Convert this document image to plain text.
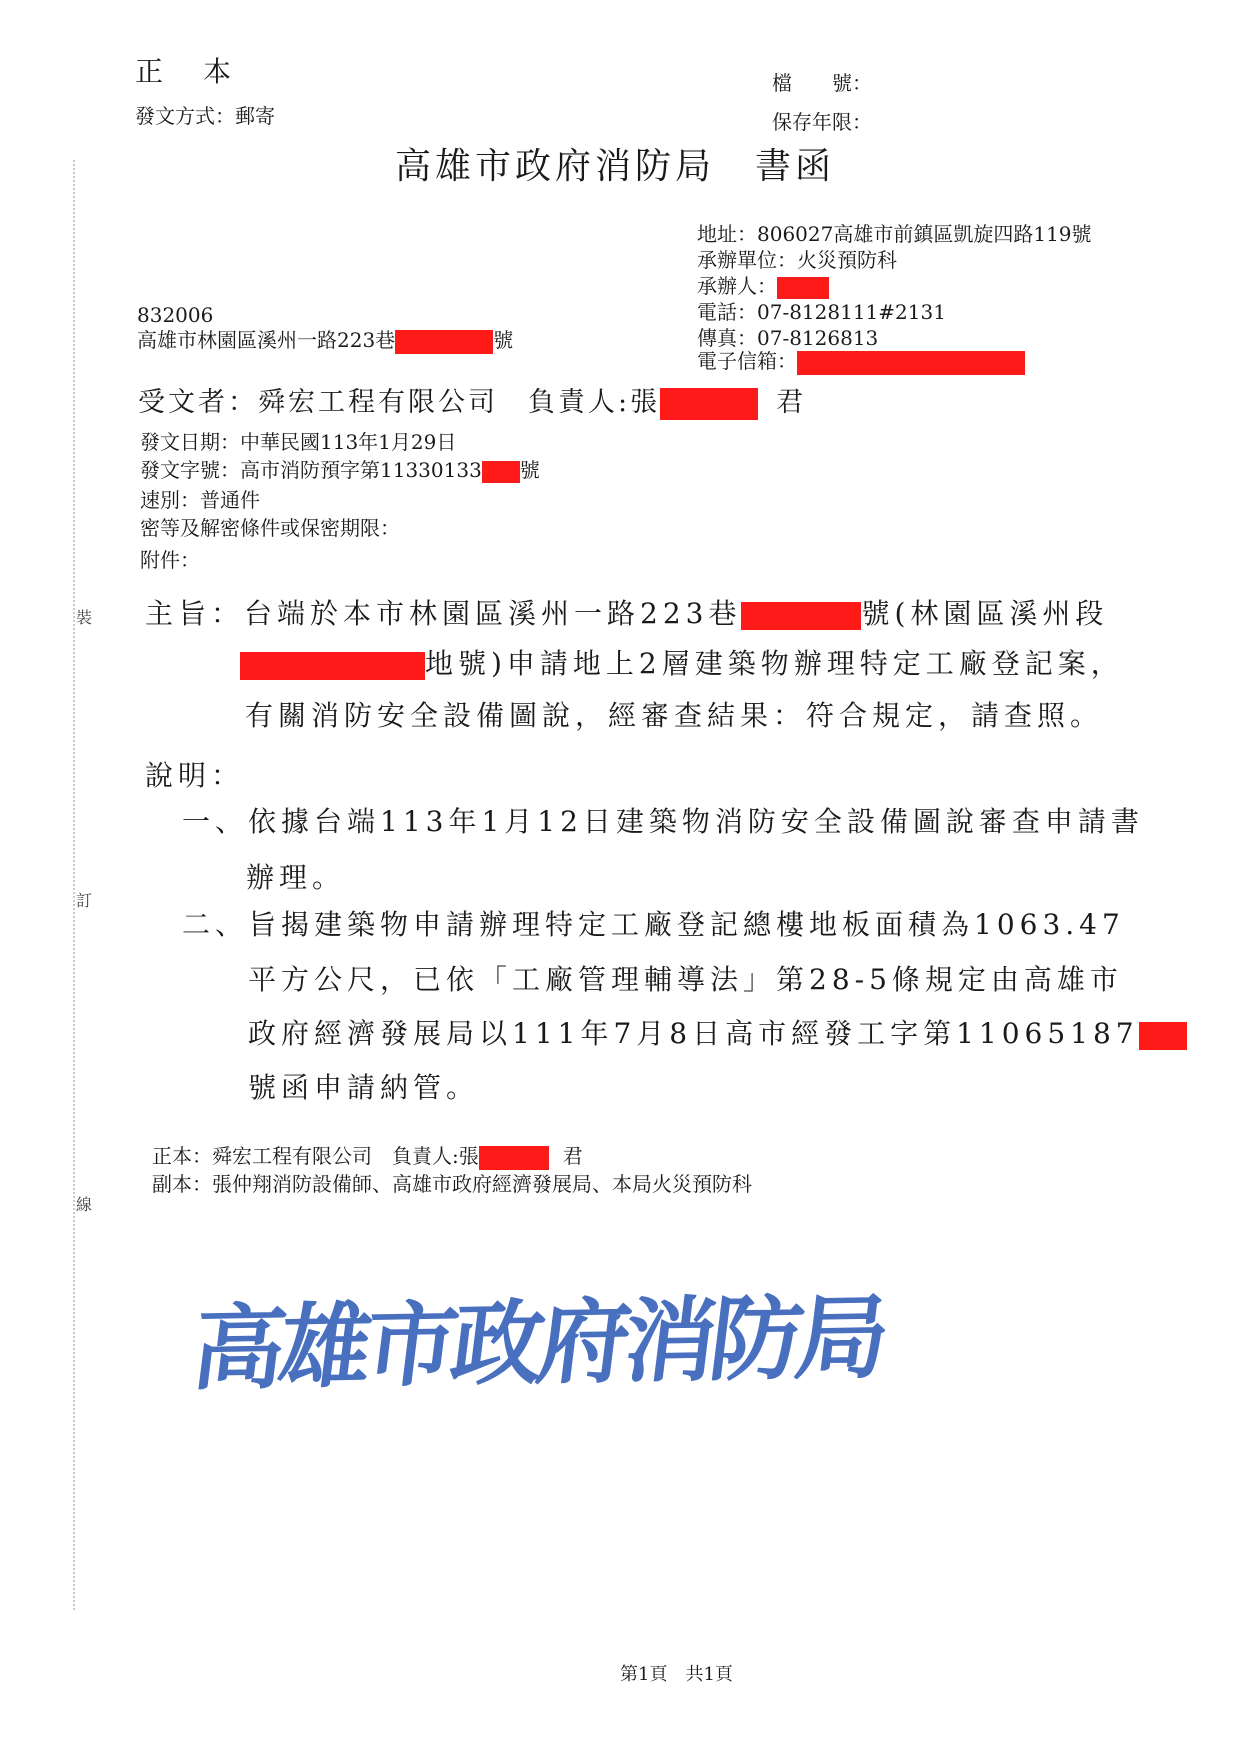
裝
訂
線
正　本
發文方式：郵寄
檔　　號：
保存年限：
高雄市政府消防局　書函
地址：806027高雄市前鎮區凱旋四路119號
承辦單位：火災預防科
承辦人：
電話：07-8128111#2131
傳真：07-8126813
電子信箱：
832006
高雄市林園區溪州一路223巷	號
受文者：舜宏工程有限公司　負責人:張	君
發文日期：中華民國113年1月29日
發文字號：高市消防預字第11330133 號
速別：普通件
密等及解密條件或保密期限：
附件：
主旨：台端於本市林園區溪州一路223巷	號(林園區溪州段
地號)申請地上2層建築物辦理特定工廠登記案，
有關消防安全設備圖說，經審查結果：符合規定，請查照。
說明：
一、依據台端113年1月12日建築物消防安全設備圖說審查申請書
辦理。
二、旨揭建築物申請辦理特定工廠登記總樓地板面積為1063.47
平方公尺，已依「工廠管理輔導法」第28-5條規定由高雄市
政府經濟發展局以111年7月8日高市經發工字第11065187
號函申請納管。
正本：舜宏工程有限公司　負責人:張	君
副本：張仲翔消防設備師、高雄市政府經濟發展局、本局火災預防科
高雄市政府消防局
第1頁　共1頁
